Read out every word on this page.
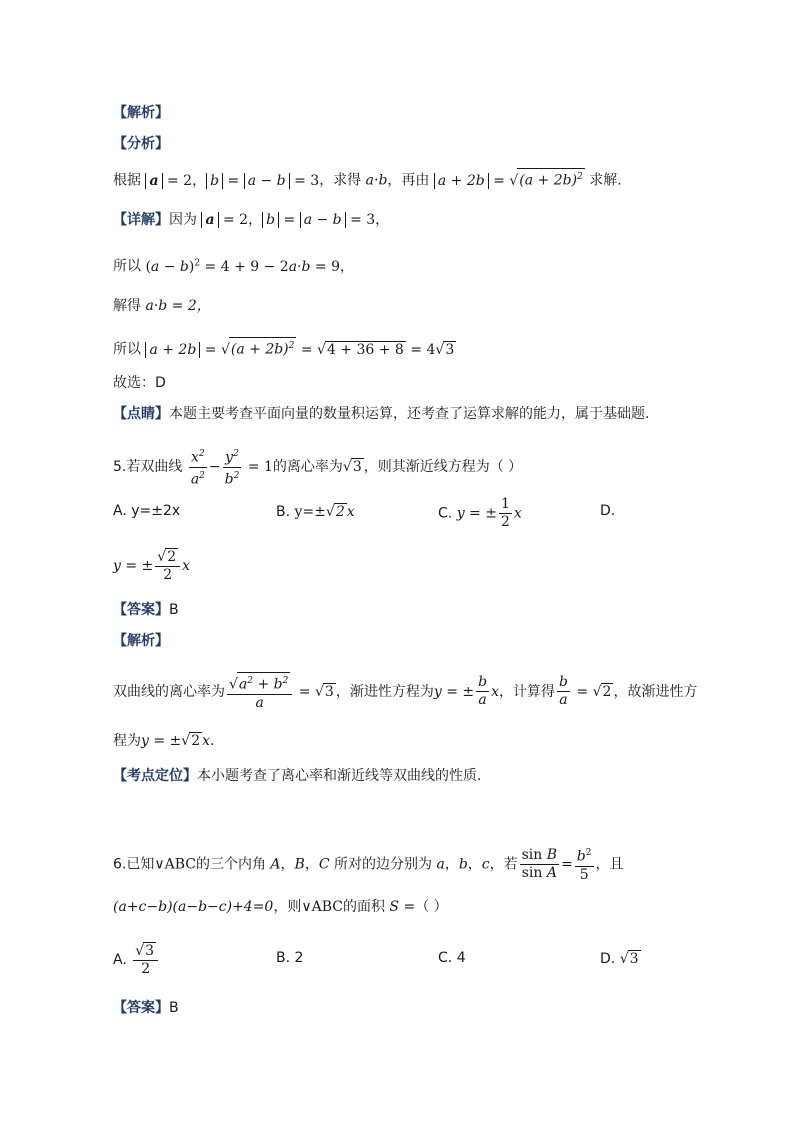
【解析】
【分析】
根据 a = 2， b = a − b = 3，求得 a·b，再由 $a + 2b = √(a + 2b)^2$ 求解.
【详解】因为 a = 2， b = a − b = 3，
所以 $(a - b)^2 = 4 + 9 - 2a\cdot b = 9$，
解得 a·b = 2，
所以 $a + 2b = √(a + 2b)^2 = √4 + 36 + 8 = 4√3$
故选：D
【点睛】本题主要考查平面向量的数量积运算，还考查了运算求解的能力，属于基础题.
5.若双曲线 $\frac{x^2}{a^2} - \frac{y^2}{b^2} = 1$的离心率为√3 ，则其渐近线方程为（ ）
A. y=±2x	B. y=±√2 x	C. y = ± $\frac{1}{2}$ x	D.
y = ± $\frac{√2}{2}$ x
【答案】B
【解析】
双曲线的离心率为 $\frac{√a^2 + b^2}{a} = √3$ ，渐进性方程为y = ± $\frac{b}{a}$ x，计算得 $\frac{b}{a} = √2$ ，故渐进性方
程为y = ±√2 x.
【考点定位】本小题考查了离心率和渐近线等双曲线的性质.
6.已知∨ABC的三个内角 A，B，C 所对的边分别为 a，b，c，若 $\frac{\text{sin B}}{\text{sin A}} = \frac{b^2}{5}$ ，且
(a+c−b)(a−b−c)+4=0，则∨ABC的面积 S =（ ）
A. $\frac{√3}{2}$	B. 2	C. 4	D. √3
【答案】B
